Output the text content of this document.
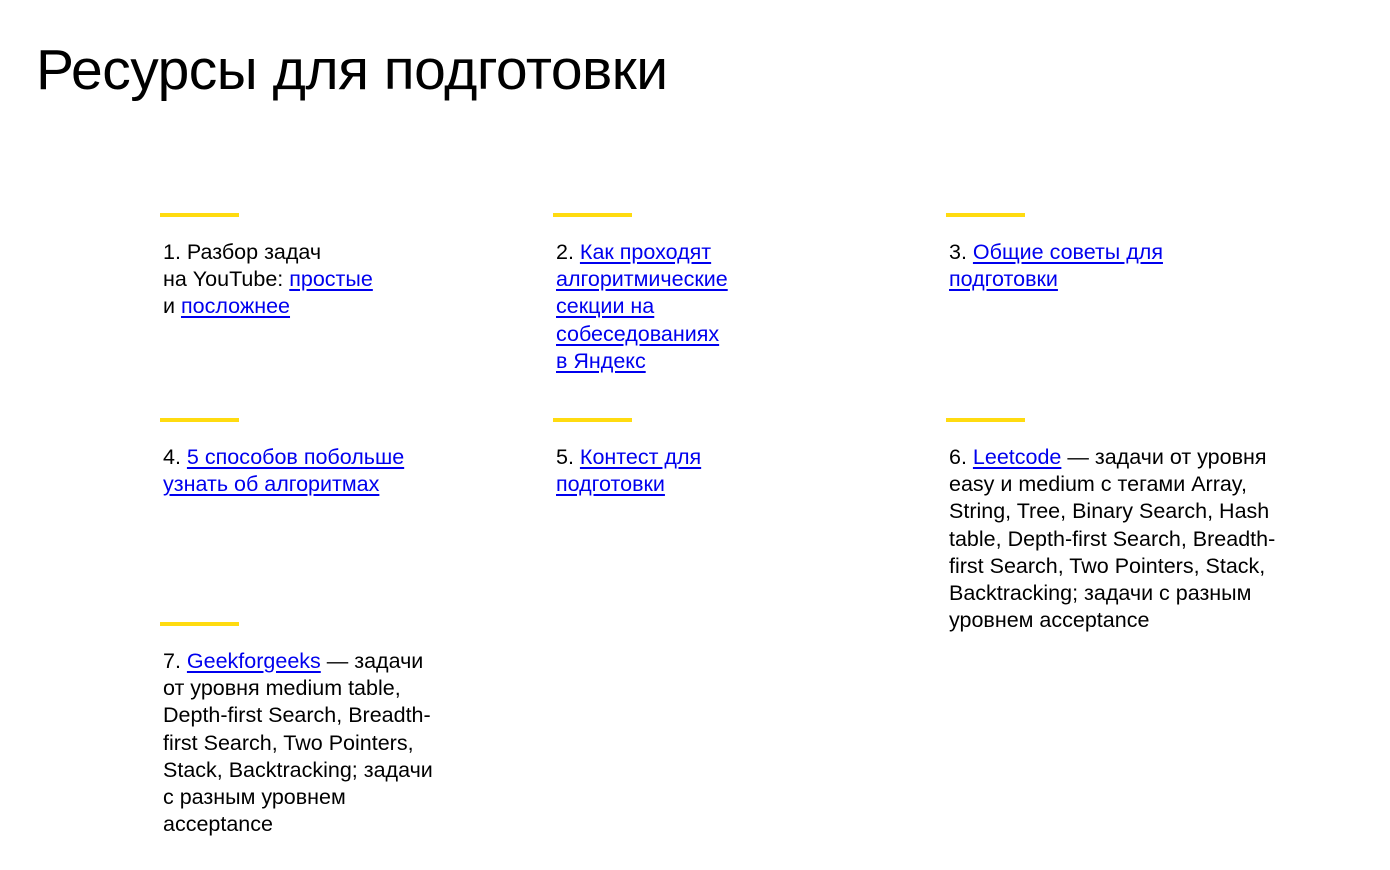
Ресурсы для подготовки

1. Разбор задач
на YouTube: простые
и посложнее

2. Как проходят
алгоритмические
секции на
собеседованиях
в Яндекс

3. Общие советы для
подготовки

4. 5 способов побольше
узнать об алгоритмах

5. Контест для
подготовки

6. Leetcode — задачи от уровня
easy и medium с тегами Array,
String, Tree, Binary Search, Hash
table, Depth-first Search, Breadth-
first Search, Two Pointers, Stack,
Backtracking; задачи с разным
уровнем acceptance

7. Geekforgeeks — задачи
от уровня medium table,
Depth-first Search, Breadth-
first Search, Two Pointers,
Stack, Backtracking; задачи
с разным уровнем
acceptance
